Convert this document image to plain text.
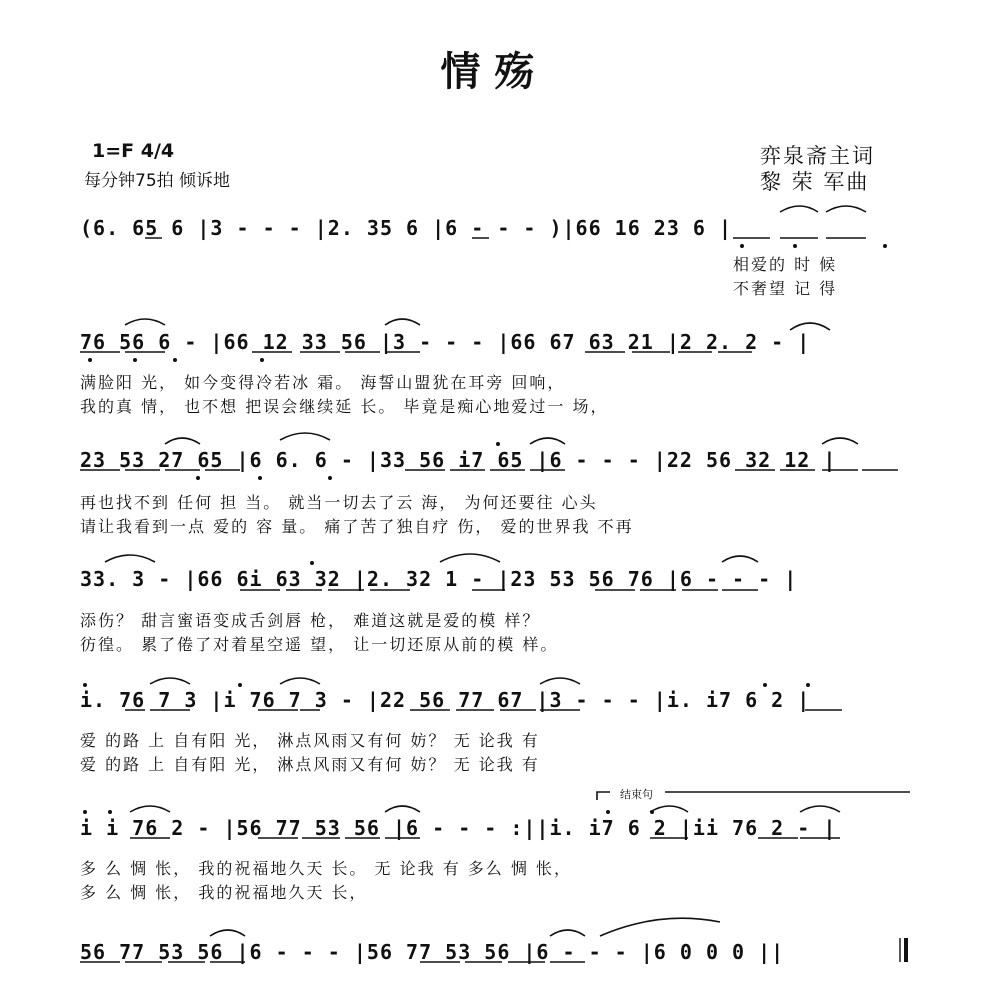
情殇
1=F 4/4
每分钟75拍 倾诉地
弈泉斋主词
黎 荣 军曲
结束句
(6. 65 6 |3 - - - |2. 35 6 |6 - - - )|66 16 23 6 |
相爱的 时 候
不奢望 记 得
76 56 6 - |66 12 33 56 |3 - - - |66 67 63 21 |2 2. 2 - |
满脸阳 光， 如今变得冷若冰 霜。 海誓山盟犹在耳旁 回响，
我的真 情， 也不想 把误会继续延 长。 毕竟是痴心地爱过一 场，
23 53 27 65 |6 6. 6 - |33 56 i7 65 |6 - - - |22 56 32 12 |
再也找不到 任何 担 当。 就当一切去了云 海， 为何还要往 心头
请让我看到一点 爱的 容 量。 痛了苦了独自疗 伤， 爱的世界我 不再
33. 3 - |66 6i 63 32 |2. 32 1 - |23 53 56 76 |6 - - - |
添伤？ 甜言蜜语变成舌剑唇 枪， 难道这就是爱的模 样？
彷徨。 累了倦了对着星空遥 望， 让一切还原从前的模 样。
i. 76 7 3 |i 76 7 3 - |22 56 77 67 |3 - - - |i. i7 6 2 |
爱 的路 上 自有阳 光， 淋点风雨又有何 妨？ 无 论我 有
爱 的路 上 自有阳 光， 淋点风雨又有何 妨？ 无 论我 有
i i 76 2 - |56 77 53 56 |6 - - - :||i. i7 6 2 |ii 76 2 - |
多 么 惆 怅， 我的祝福地久天 长。 无 论我 有 多么 惆 怅，
多 么 惆 怅， 我的祝福地久天 长，
56 77 53 56 |6 - - - |56 77 53 56 |6 - - - |6 0 0 0 ||
